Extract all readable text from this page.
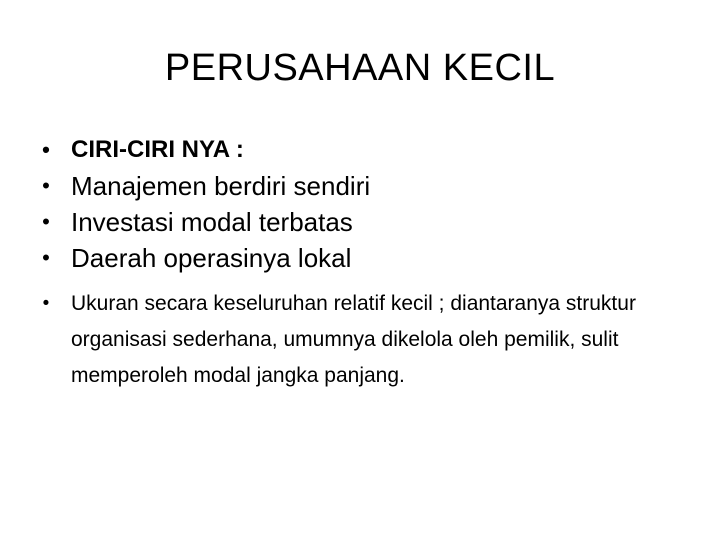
PERUSAHAAN KECIL
• CIRI-CIRI NYA :
• Manajemen berdiri sendiri
• Investasi modal terbatas
• Daerah operasinya lokal
•	Ukuran secara keseluruhan relatif kecil ; diantaranya struktur organisasi sederhana, umumnya dikelola oleh pemilik, sulit memperoleh modal jangka panjang.
